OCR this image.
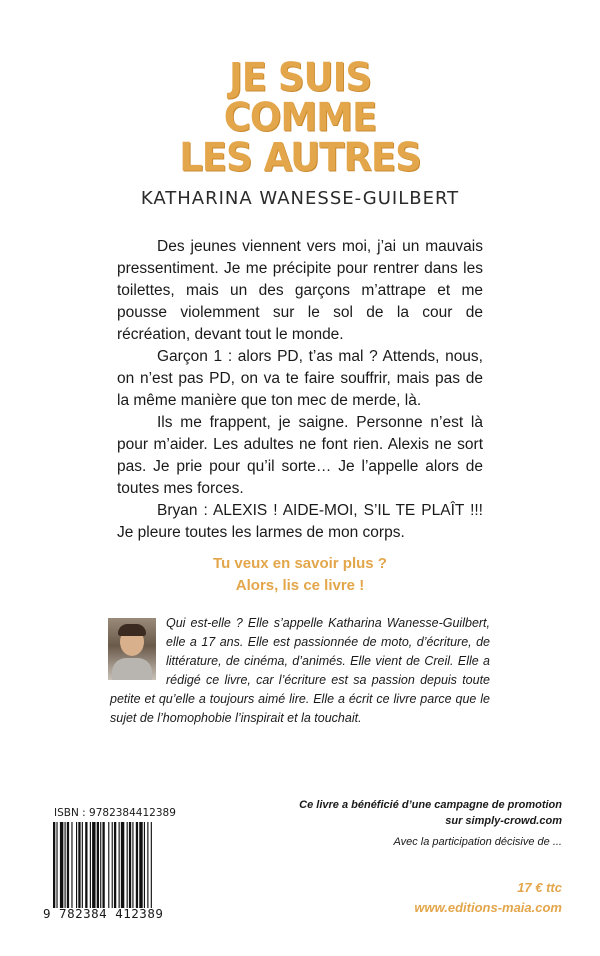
JE SUIS
COMME
LES AUTRES
KATHARINA WANESSE-GUILBERT

Des jeunes viennent vers moi, j’ai un mauvais pressentiment. Je me précipite pour rentrer dans les toilettes, mais un des garçons m’attrape et me pousse violemment sur le sol de la cour de récréation, devant tout le monde.

Garçon 1 : alors PD, t’as mal ? Attends, nous, on n’est pas PD, on va te faire souffrir, mais pas de la même manière que ton mec de merde, là.

Ils me frappent, je saigne. Personne n’est là pour m’aider. Les adultes ne font rien. Alexis ne sort pas. Je prie pour qu’il sorte… Je l’appelle alors de toutes mes forces.

Bryan : ALEXIS ! AIDE-MOI, S’IL TE PLAÎT !!! Je pleure toutes les larmes de mon corps.

Tu veux en savoir plus ?
Alors, lis ce livre !
Qui est-elle ? Elle s’appelle Katharina Wanesse-Guilbert, elle a 17 ans. Elle est passionnée de moto, d’écriture, de littérature, de cinéma, d’animés. Elle vient de Creil. Elle a rédigé ce livre, car l’écriture est sa passion depuis toute petite et qu’elle a toujours aimé lire. Elle a écrit ce livre parce que le sujet de l’homophobie l’inspirait et la touchait.
ISBN : 9782384412389
9 782384 412389
Ce livre a bénéficié d’une campagne de promotion
sur simply-crowd.com
Avec la participation décisive de ...
17 € ttc
www.editions-maia.com
